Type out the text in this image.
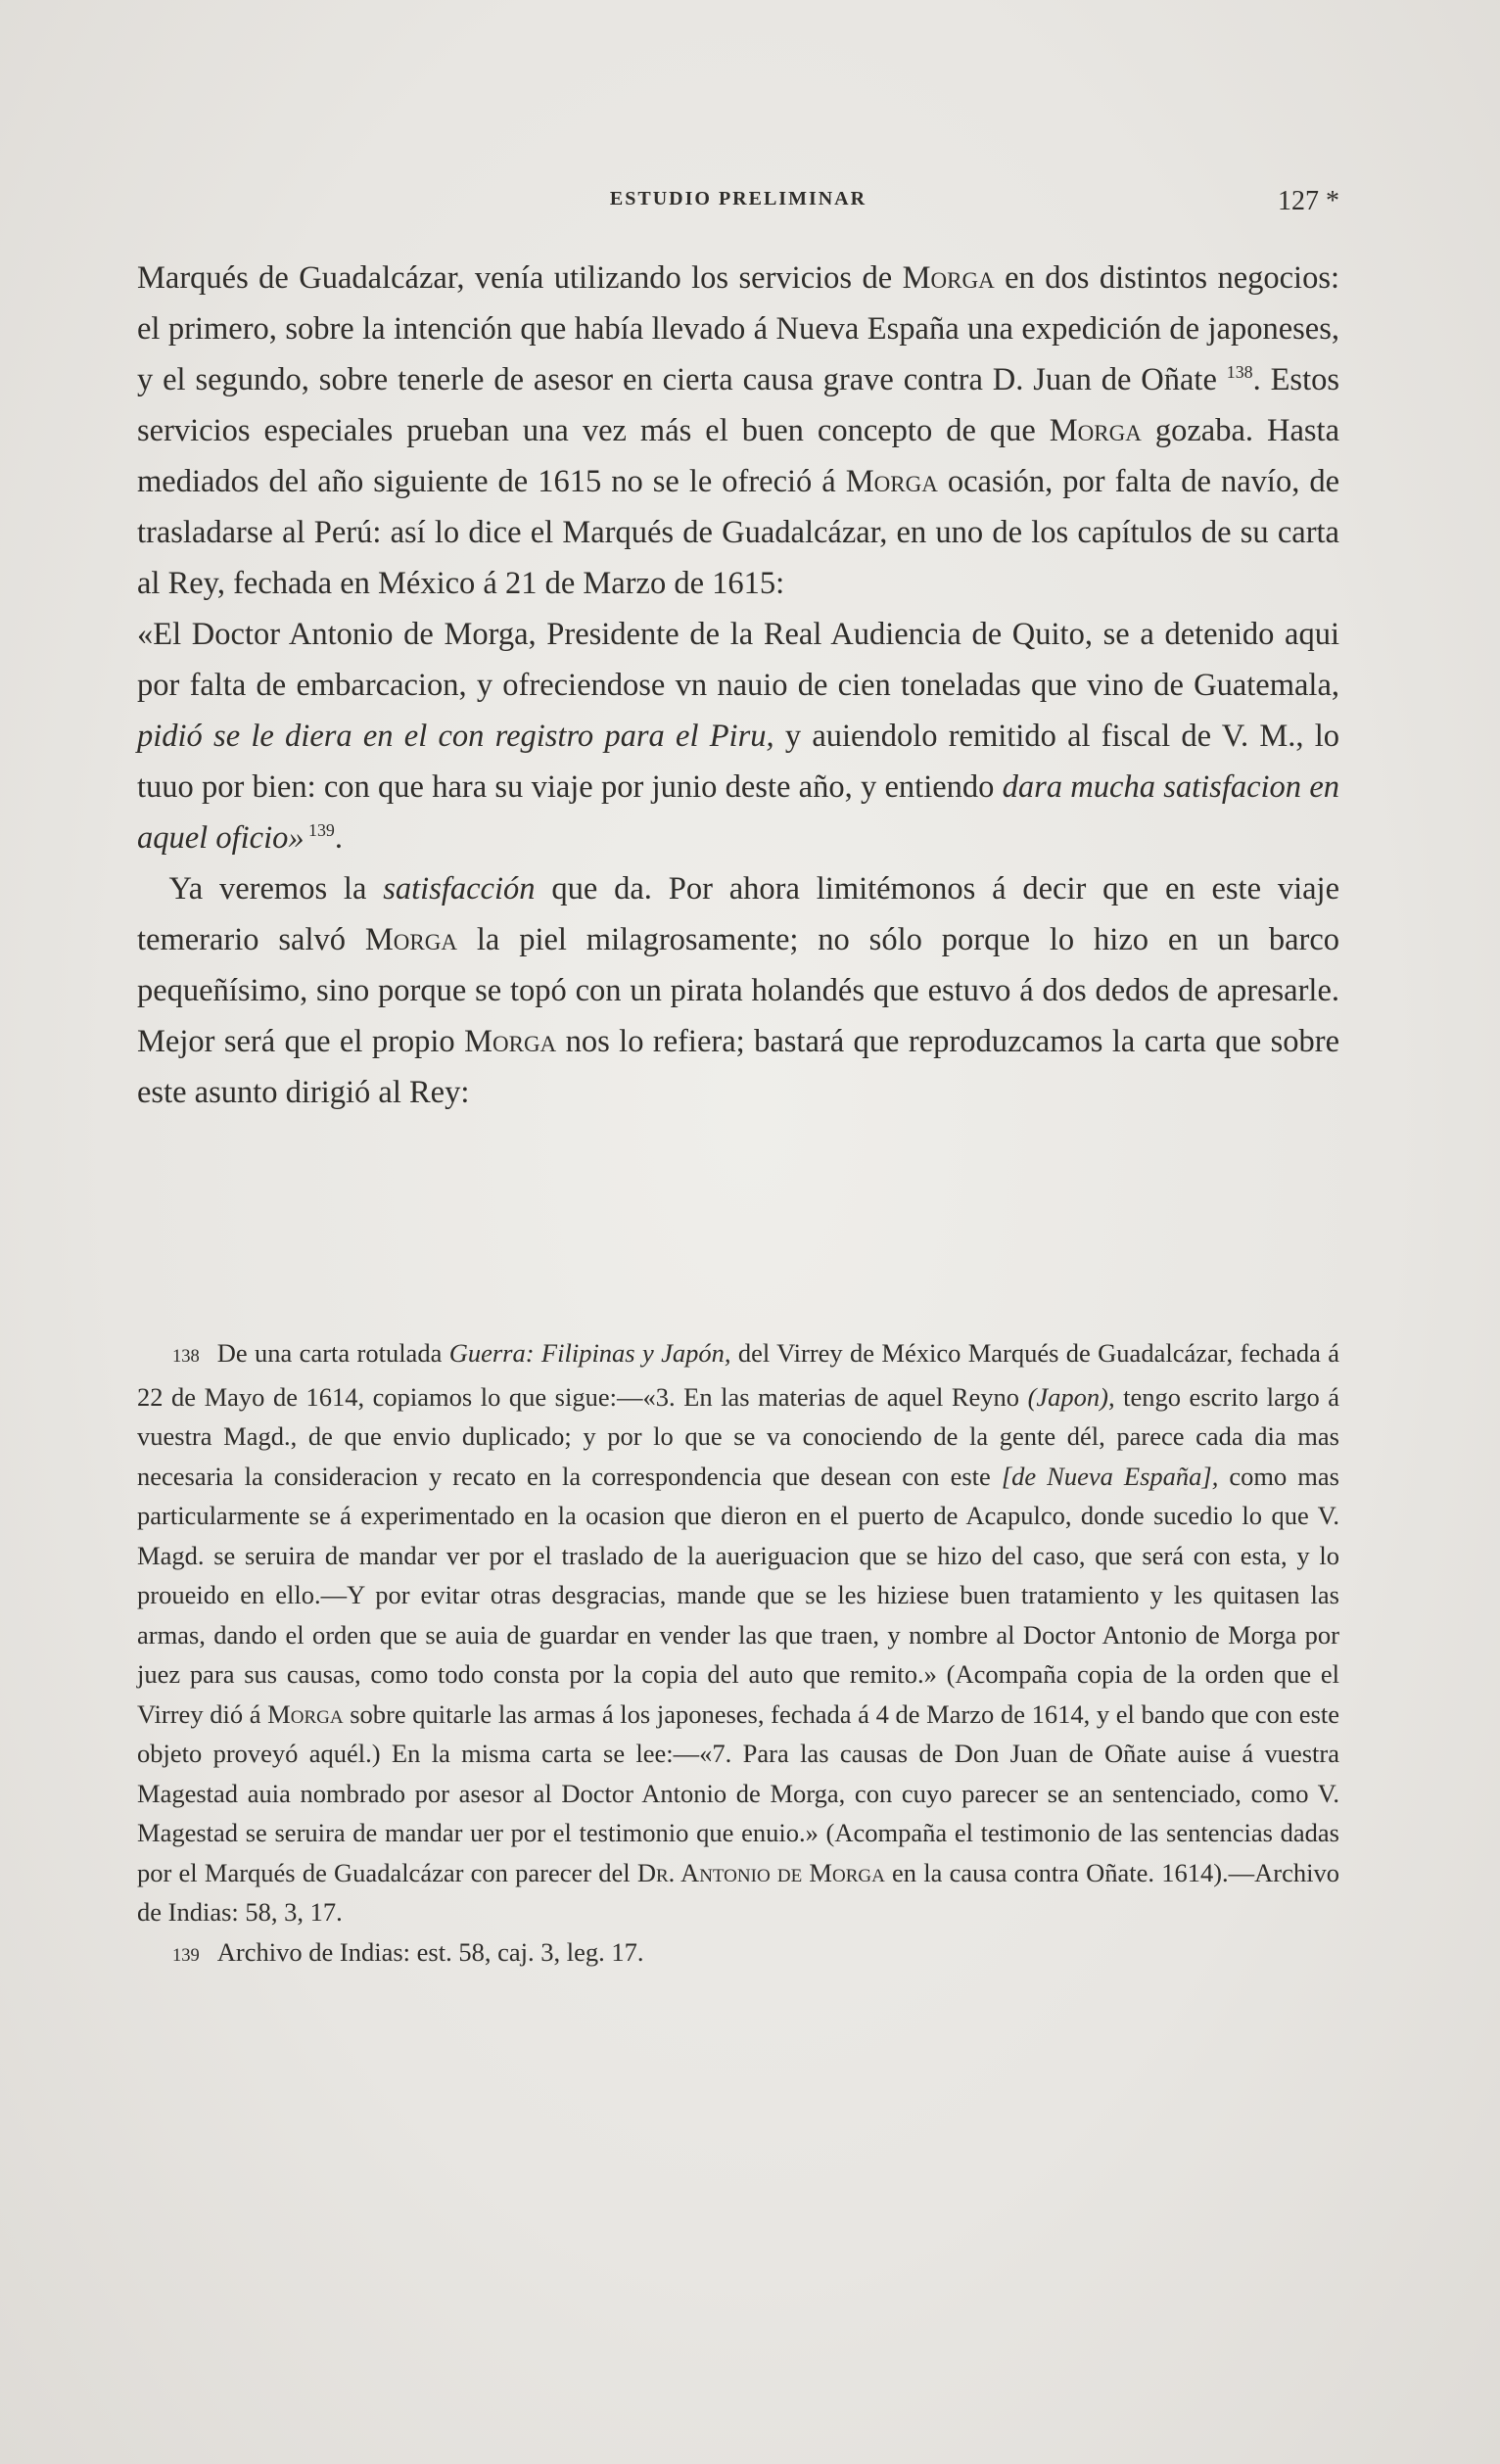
ESTUDIO PRELIMINAR	127 *

Marqués de Guadalcázar, venía utilizando los servicios de Morga en dos distintos negocios: el primero, sobre la intención que había llevado á Nueva España una expedición de japoneses, y el segundo, sobre tenerle de asesor en cierta causa grave contra D. Juan de Oñate $^{138}$. Estos servicios especiales prueban una vez más el buen concepto de que Morga gozaba. Hasta mediados del año siguiente de 1615 no se le ofreció á Morga ocasión, por falta de navío, de trasladarse al Perú: así lo dice el Marqués de Guadalcázar, en uno de los capítulos de su carta al Rey, fechada en México á 21 de Marzo de 1615:

«El Doctor Antonio de Morga, Presidente de la Real Audiencia de Quito, se a detenido aqui por falta de embarcacion, y ofreciendose vn nauio de cien toneladas que vino de Guatemala, pidió se le diera en el con registro para el Piru, y auiendolo remitido al fiscal de V. M., lo tuuo por bien: con que hara su viaje por junio deste año, y entiendo dara mucha satisfacion en aquel oficio» $^{139}$.

Ya veremos la satisfacción que da. Por ahora limitémonos á decir que en este viaje temerario salvó Morga la piel milagrosamente; no sólo porque lo hizo en un barco pequeñísimo, sino porque se topó con un pirata holandés que estuvo á dos dedos de apresarle. Mejor será que el propio Morga nos lo refiera; bastará que reproduzcamos la carta que sobre este asunto dirigió al Rey:

138 De una carta rotulada Guerra: Filipinas y Japón, del Virrey de México Marqués de Guadalcázar, fechada á 22 de Mayo de 1614, copiamos lo que sigue:—«3. En las materias de aquel Reyno (Japon), tengo escrito largo á vuestra Magd., de que envio duplicado; y por lo que se va conociendo de la gente dél, parece cada dia mas necesaria la consideracion y recato en la correspondencia que desean con este [de Nueva España], como mas particularmente se á experimentado en la ocasion que dieron en el puerto de Acapulco, donde sucedio lo que V. Magd. se seruira de mandar ver por el traslado de la aueriguacion que se hizo del caso, que será con esta, y lo proueido en ello.—Y por evitar otras desgracias, mande que se les hiziese buen tratamiento y les quitasen las armas, dando el orden que se auia de guardar en vender las que traen, y nombre al Doctor Antonio de Morga por juez para sus causas, como todo consta por la copia del auto que remito.» (Acompaña copia de la orden que el Virrey dió á Morga sobre quitarle las armas á los japoneses, fechada á 4 de Marzo de 1614, y el bando que con este objeto proveyó aquél.) En la misma carta se lee:—«7. Para las causas de Don Juan de Oñate auise á vuestra Magestad auia nombrado por asesor al Doctor Antonio de Morga, con cuyo parecer se an sentenciado, como V. Magestad se seruira de mandar uer por el testimonio que enuio.» (Acompaña el testimonio de las sentencias dadas por el Marqués de Guadalcázar con parecer del Dr. Antonio de Morga en la causa contra Oñate. 1614).—Archivo de Indias: 58, 3, 17.

139 Archivo de Indias: est. 58, caj. 3, leg. 17.
